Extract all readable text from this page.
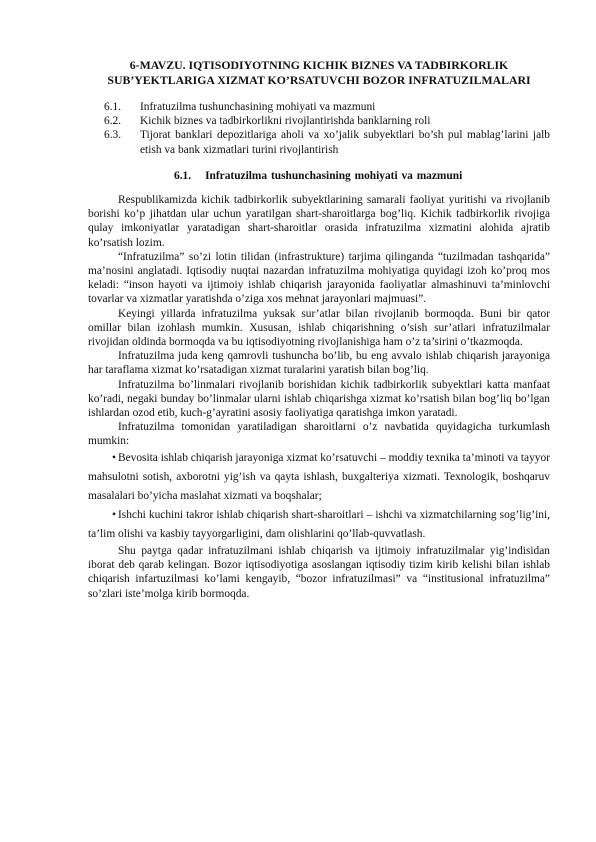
6-MAVZU. IQTISODIYOTNING KICHIK BIZNES VA TADBIRKORLIK SUB’YEKTLARIGA XIZMAT KO’RSATUVCHI BOZOR INFRATUZILMALARI
6.1.	Infratuzilma tushunchasining mohiyati va mazmuni
6.2.	Kichik biznes va tadbirkorlikni rivojlantirishda banklarning roli
6.3.	Tijorat banklari depozitlariga aholi va xo’jalik subyektlari bo’sh pul mablag’larini jalb etish va bank xizmatlari turini rivojlantirish
6.1. Infratuzilma tushunchasining mohiyati va mazmuni

Respublikamizda kichik tadbirkorlik subyektlarining samarali faoliyat yuritishi va rivojlanib borishi ko’p jihatdan ular uchun yaratilgan shart-sharoitlarga bog’liq. Kichik tadbirkorlik rivojiga qulay imkoniyatlar yaratadigan shart-sharoitlar orasida infratuzilma xizmatini alohida ajratib ko’rsatish lozim.

“Infratuzilma” so’zi lotin tilidan (infrastrukture) tarjima qilinganda “tuzilmadan tashqarida” ma’nosini anglatadi. Iqtisodiy nuqtai nazardan infratuzilma mohiyatiga quyidagi izoh ko’proq mos keladi: “inson hayoti va ijtimoiy ishlab chiqarish jarayonida faoliyatlar almashinuvi ta’minlovchi tovarlar va xizmatlar yaratishda o’ziga xos mehnat jarayonlari majmuasi”.

Keyingi yillarda infratuzilma yuksak sur’atlar bilan rivojlanib bormoqda. Buni bir qator omillar bilan izohlash mumkin. Xususan, ishlab chiqarishning o’sish sur’atlari infratuzilmalar rivojidan oldinda bormoqda va bu iqtisodiyotning rivojlanishiga ham o’z ta’sirini o’tkazmoqda.

Infratuzilma juda keng qamrovli tushuncha bo’lib, bu eng avvalo ishlab chiqarish jarayoniga har taraflama xizmat ko’rsatadigan xizmat turalarini yaratish bilan bog’liq.

Infratuzilma bo’linmalari rivojlanib borishidan kichik tadbirkorlik subyektlari katta manfaat ko’radi, negaki bunday bo’linmalar ularni ishlab chiqarishga xizmat ko’rsatish bilan bog’liq bo’lgan ishlardan ozod etib, kuch-g’ayratini asosiy faoliyatiga qaratishga imkon yaratadi.

Infratuzilma tomonidan yaratiladigan sharoitlarni o’z navbatida quyidagicha turkumlash mumkin:

• Bevosita ishlab chiqarish jarayoniga xizmat ko’rsatuvchi – moddiy texnika ta’minoti va tayyor mahsulotni sotish, axborotni yig’ish va qayta ishlash, buxgalteriya xizmati. Texnologik, boshqaruv masalalari bo’yicha maslahat xizmati va boqshalar;
• Ishchi kuchini takror ishlab chiqarish shart-sharoitlari – ishchi va xizmatchilarning sog’lig’ini, ta’lim olishi va kasbiy tayyorgarligini, dam olishlarini qo’llab-quvvatlash.

Shu paytga qadar infratuzilmani ishlab chiqarish va ijtimoiy infratuzilmalar yig’indisidan iborat deb qarab kelingan. Bozor iqtisodiyotiga asoslangan iqtisodiy tizim kirib kelishi bilan ishlab chiqarish infartuzilmasi ko’lami kengayib, “bozor infratuzilmasi” va “institusional infratuzilma” so’zlari iste’molga kirib bormoqda.
